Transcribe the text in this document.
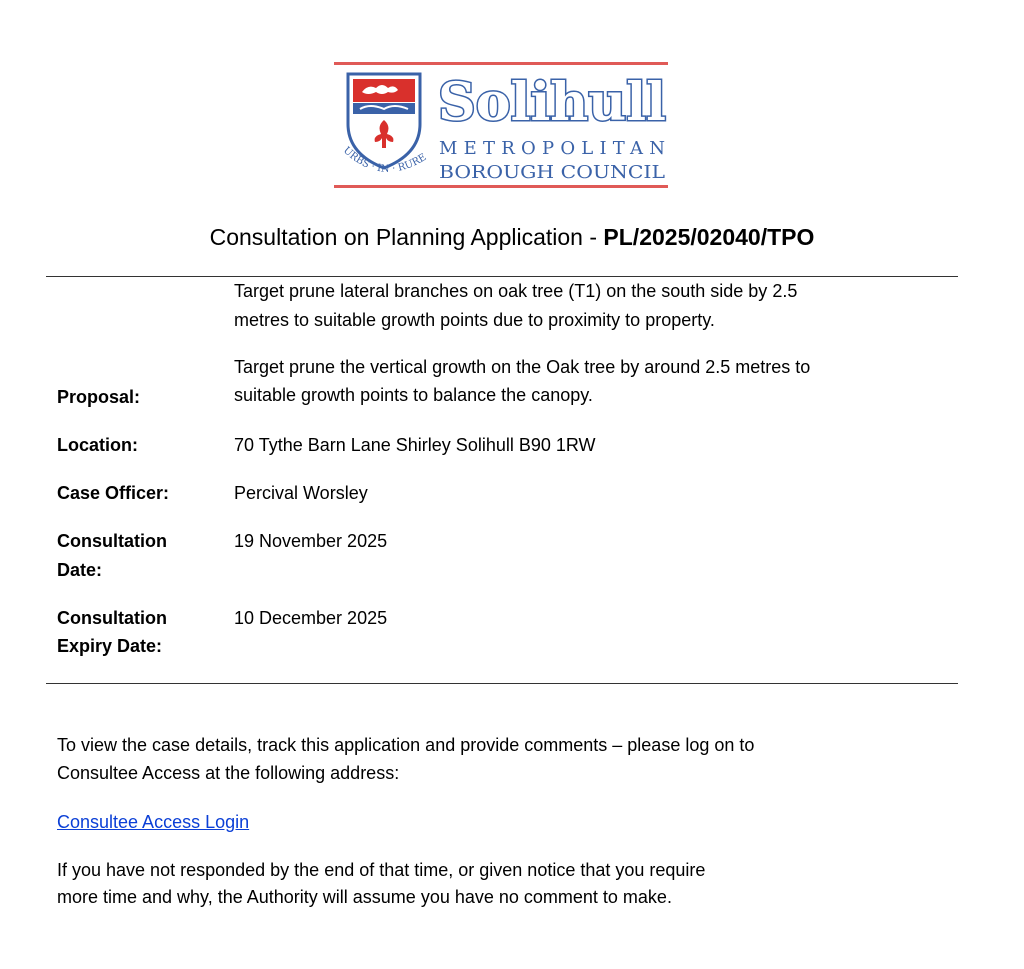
URBS · IN · RURE
Solihull
METROPOLITAN
BOROUGH COUNCIL
Consultation on Planning Application - PL/2025/02040/TPO
Target prune lateral branches on oak tree (T1) on the south side by 2.5
metres to suitable growth points due to proximity to property.
Target prune the vertical growth on the Oak tree by around 2.5 metres to
suitable growth points to balance the canopy.
Proposal:
Location:	70 Tythe Barn Lane Shirley Solihull B90 1RW
Case Officer:	Percival Worsley
Consultation
Date:
19 November 2025
Consultation
Expiry Date:
10 December 2025
To view the case details, track this application and provide comments – please log on to
Consultee Access at the following address:
Consultee Access Login
If you have not responded by the end of that time, or given notice that you require
more time and why, the Authority will assume you have no comment to make.
